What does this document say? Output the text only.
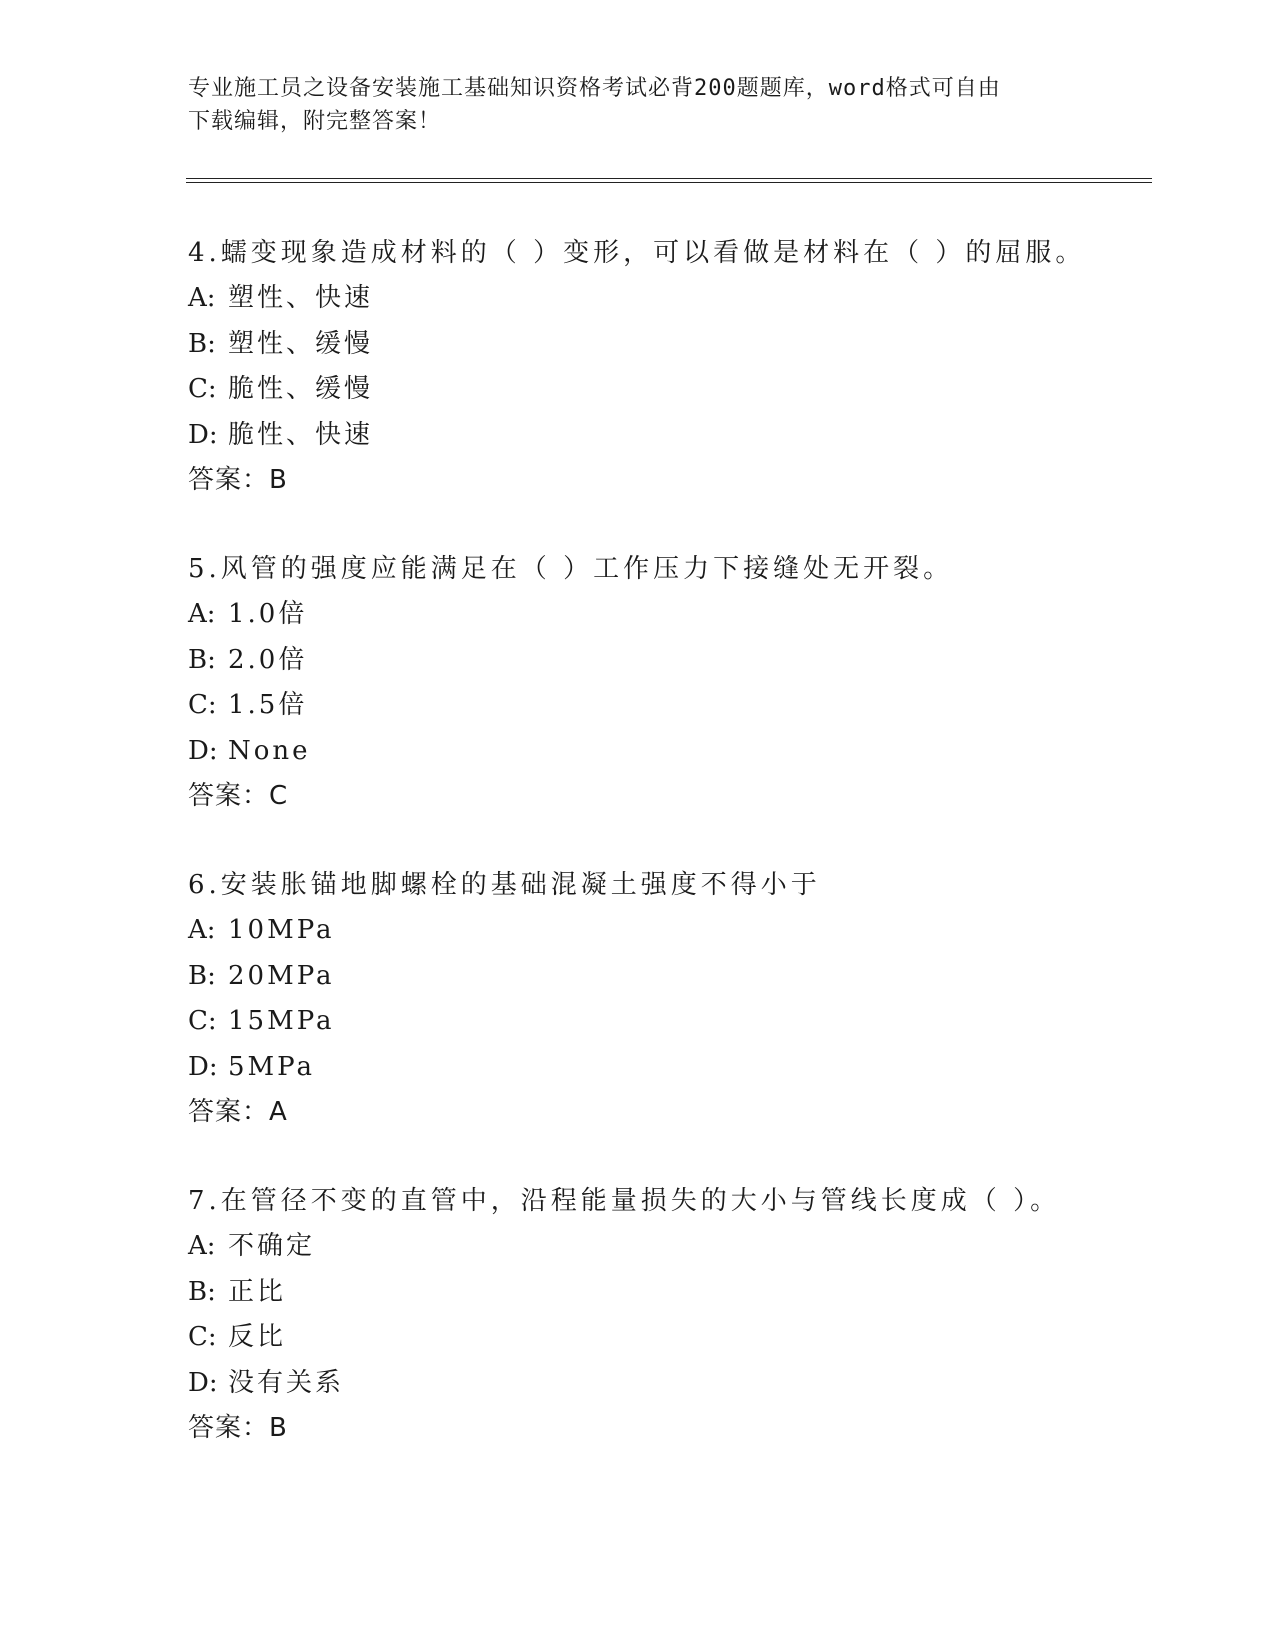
专业施工员之设备安装施工基础知识资格考试必背200题题库，word格式可自由
下载编辑，附完整答案！
4.蠕变现象造成材料的（ ）变形，可以看做是材料在（ ）的屈服。
A: 塑性、快速
B: 塑性、缓慢
C: 脆性、缓慢
D: 脆性、快速
答案：B
5.风管的强度应能满足在（ ）工作压力下接缝处无开裂。
A: 1.0倍
B: 2.0倍
C: 1.5倍
D: None
答案：C
6.安装胀锚地脚螺栓的基础混凝土强度不得小于
A: 10MPa
B: 20MPa
C: 15MPa
D: 5MPa
答案：A
7.在管径不变的直管中，沿程能量损失的大小与管线长度成（ ）。
A: 不确定
B: 正比
C: 反比
D: 没有关系
答案：B
